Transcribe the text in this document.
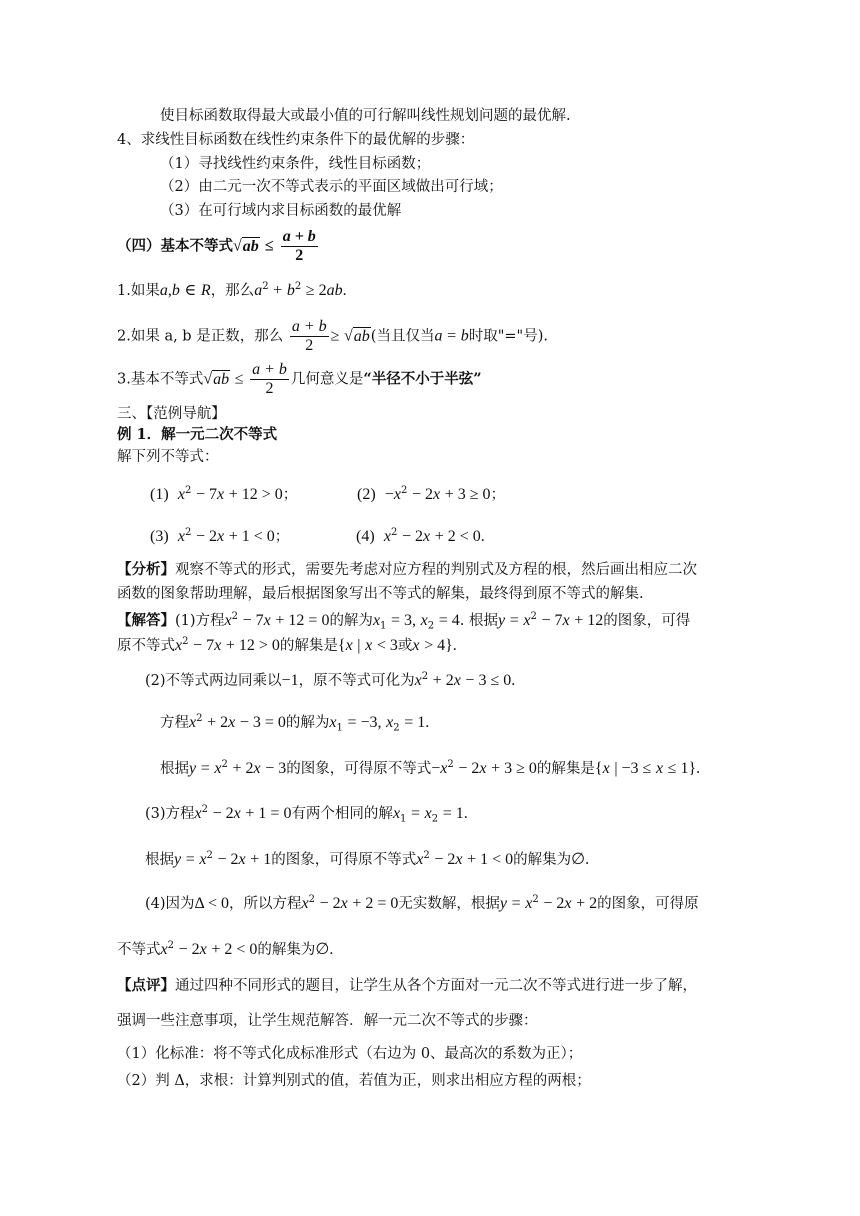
使目标函数取得最大或最小值的可行解叫线性规划问题的最优解.
4、求线性目标函数在线性约束条件下的最优解的步骤：
（1）寻找线性约束条件，线性目标函数；
（2）由二元一次不等式表示的平面区域做出可行域；
（3）在可行域内求目标函数的最优解
（四）基本不等式$√ab \le \frac{a + b}{2}$
1.如果a,b ∈ R，那么$a^2 + b^2 \ge 2ab$.
2.如果 a, b 是正数，那么 $\frac{a + b}{2} \ge √ab$(当且仅当a = b时取"="号).
3.基本不等式$√ab \le \frac{a + b}{2}$ 几何意义是“半径不小于半弦”
三、【范例导航】
例 1．解一元二次不等式
解下列不等式：
(1) $x^2 - 7x + 12 > 0$；	$(2) -x^2 - 2x + 3 \ge 0$；
(3) $x^2 - 2x + 1 < 0$；	(4) $x^2 - 2x + 2 < 0$.
【分析】观察不等式的形式，需要先考虑对应方程的判别式及方程的根，然后画出相应二次
函数的图象帮助理解，最后根据图象写出不等式的解集，最终得到原不等式的解集.
【解答】(1)方程$x^2 - 7x + 12 = 0$的解为$x_1 = 3$, $x_2 = 4$. 根据$y = x^2 - 7x + 12$的图象，可得
原不等式$x^2 - 7x + 12 > 0$的解集是{x | x < 3或x > 4}.
(2)不等式两边同乘以−1，原不等式可化为$x^2 + 2x - 3 \le 0$.
方程$x^2 + 2x - 3 = 0$的解为$x_1 = -3$, $x_2 = 1$.
根据$y = x^2 + 2x - 3$的图象，可得原不等式$-x^2 - 2x + 3 \ge 0$的解集是{x | −3 ≤ x ≤ 1}.
(3)方程$x^2 - 2x + 1 = 0$有两个相同的解$x_1 = x_2 = 1$.
根据$y = x^2 - 2x + 1$的图象，可得原不等式$x^2 - 2x + 1 < 0$的解集为∅.
(4)因为Δ < 0，所以方程$x^2 - 2x + 2 = 0$无实数解，根据$y = x^2 - 2x + 2$的图象，可得原
不等式$x^2 - 2x + 2 < 0$的解集为∅.
【点评】通过四种不同形式的题目，让学生从各个方面对一元二次不等式进行进一步了解，
强调一些注意事项，让学生规范解答．解一元二次不等式的步骤：
（1）化标准：将不等式化成标准形式（右边为 0、最高次的系数为正）；
（2）判 Δ，求根：计算判别式的值，若值为正，则求出相应方程的两根；
